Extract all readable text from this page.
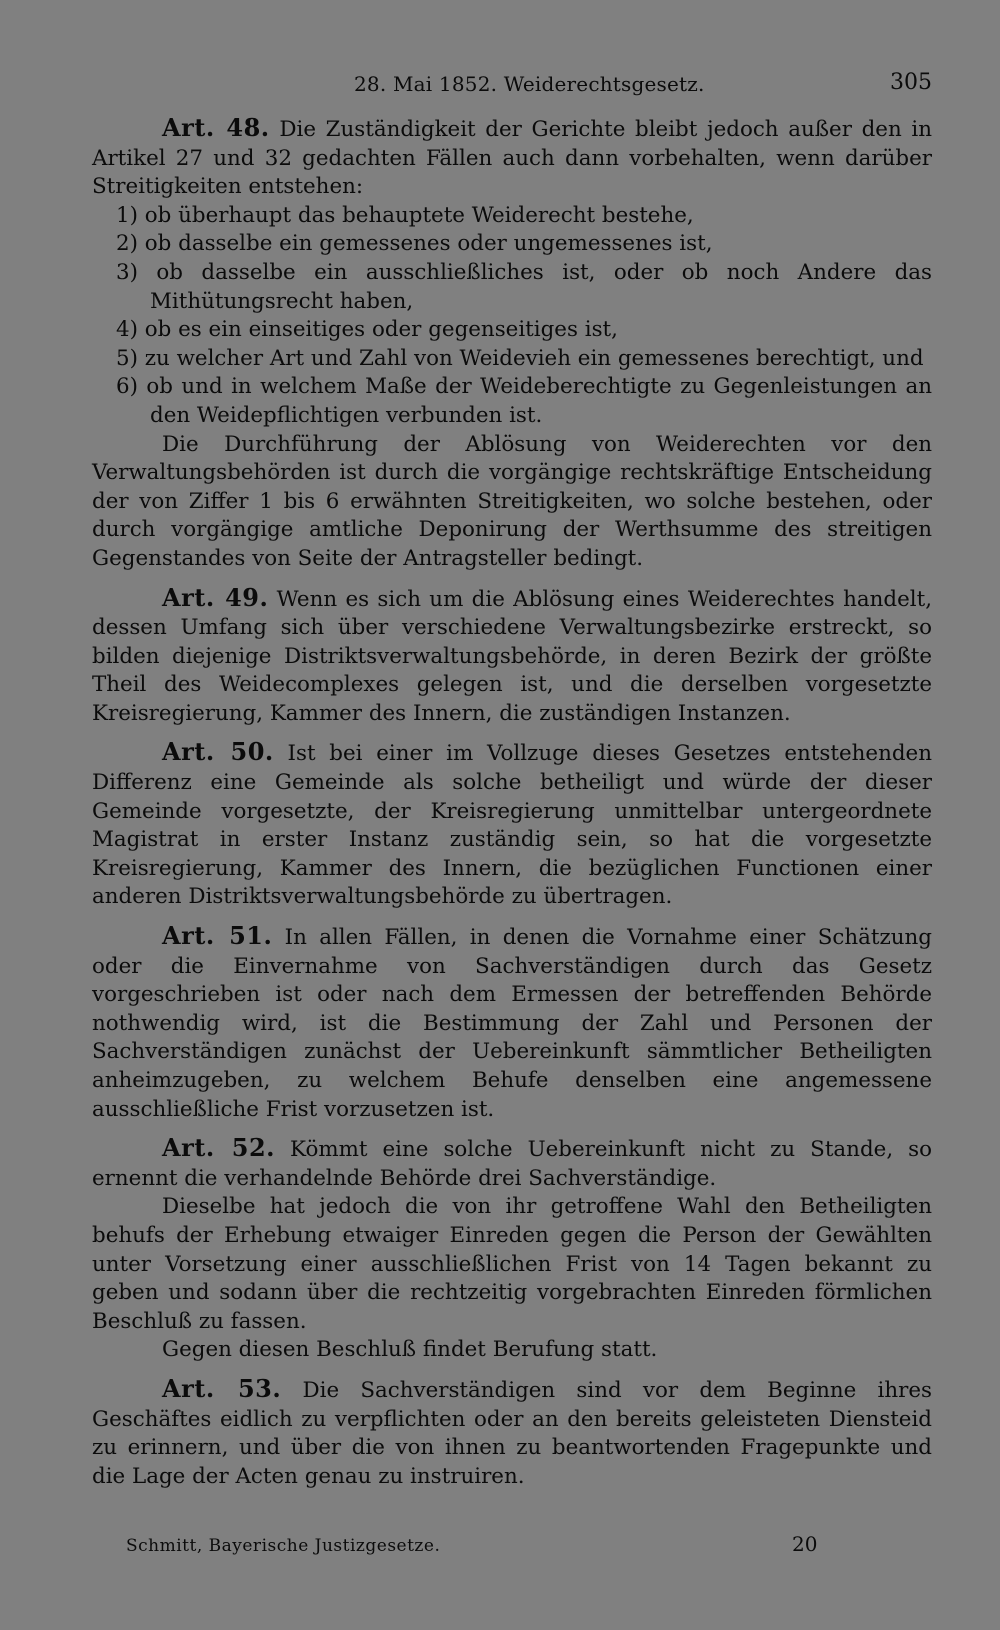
28. Mai 1852. Weiderechtsgesetz.	305

Art. 48. Die Zuständigkeit der Gerichte bleibt jedoch außer den in Artikel 27 und 32 gedachten Fällen auch dann vorbehalten, wenn darüber Streitigkeiten entstehen:

1) ob überhaupt das behauptete Weiderecht bestehe,
2) ob dasselbe ein gemessenes oder ungemessenes ist,
3) ob dasselbe ein ausschließliches ist, oder ob noch Andere das Mithütungsrecht haben,
4) ob es ein einseitiges oder gegenseitiges ist,
5) zu welcher Art und Zahl von Weidevieh ein gemessenes berechtigt, und
6) ob und in welchem Maße der Weideberechtigte zu Gegenleistungen an den Weidepflichtigen verbunden ist.

Die Durchführung der Ablösung von Weiderechten vor den Verwaltungsbehörden ist durch die vorgängige rechtskräftige Entscheidung der von Ziffer 1 bis 6 erwähnten Streitigkeiten, wo solche bestehen, oder durch vorgängige amtliche Deponirung der Werthsumme des streitigen Gegenstandes von Seite der Antragsteller bedingt.

Art. 49. Wenn es sich um die Ablösung eines Weiderechtes handelt, dessen Umfang sich über verschiedene Verwaltungsbezirke erstreckt, so bilden diejenige Distriktsverwaltungsbehörde, in deren Bezirk der größte Theil des Weidecomplexes gelegen ist, und die derselben vorgesetzte Kreisregierung, Kammer des Innern, die zuständigen Instanzen.

Art. 50. Ist bei einer im Vollzuge dieses Gesetzes entstehenden Differenz eine Gemeinde als solche betheiligt und würde der dieser Gemeinde vorgesetzte, der Kreisregierung unmittelbar untergeordnete Magistrat in erster Instanz zuständig sein, so hat die vorgesetzte Kreisregierung, Kammer des Innern, die bezüglichen Functionen einer anderen Distriktsverwaltungsbehörde zu übertragen.

Art. 51. In allen Fällen, in denen die Vornahme einer Schätzung oder die Einvernahme von Sachverständigen durch das Gesetz vorgeschrieben ist oder nach dem Ermessen der betreffenden Behörde nothwendig wird, ist die Bestimmung der Zahl und Personen der Sachverständigen zunächst der Uebereinkunft sämmtlicher Betheiligten anheimzugeben, zu welchem Behufe denselben eine angemessene ausschließliche Frist vorzusetzen ist.

Art. 52. Kömmt eine solche Uebereinkunft nicht zu Stande, so ernennt die verhandelnde Behörde drei Sachverständige.

Dieselbe hat jedoch die von ihr getroffene Wahl den Betheiligten behufs der Erhebung etwaiger Einreden gegen die Person der Gewählten unter Vorsetzung einer ausschließlichen Frist von 14 Tagen bekannt zu geben und sodann über die rechtzeitig vorgebrachten Einreden förmlichen Beschluß zu fassen.

Gegen diesen Beschluß findet Berufung statt.

Art. 53. Die Sachverständigen sind vor dem Beginne ihres Geschäftes eidlich zu verpflichten oder an den bereits geleisteten Diensteid zu erinnern, und über die von ihnen zu beantwortenden Fragepunkte und die Lage der Acten genau zu instruiren.

Schmitt, Bayerische Justizgesetze.	20
